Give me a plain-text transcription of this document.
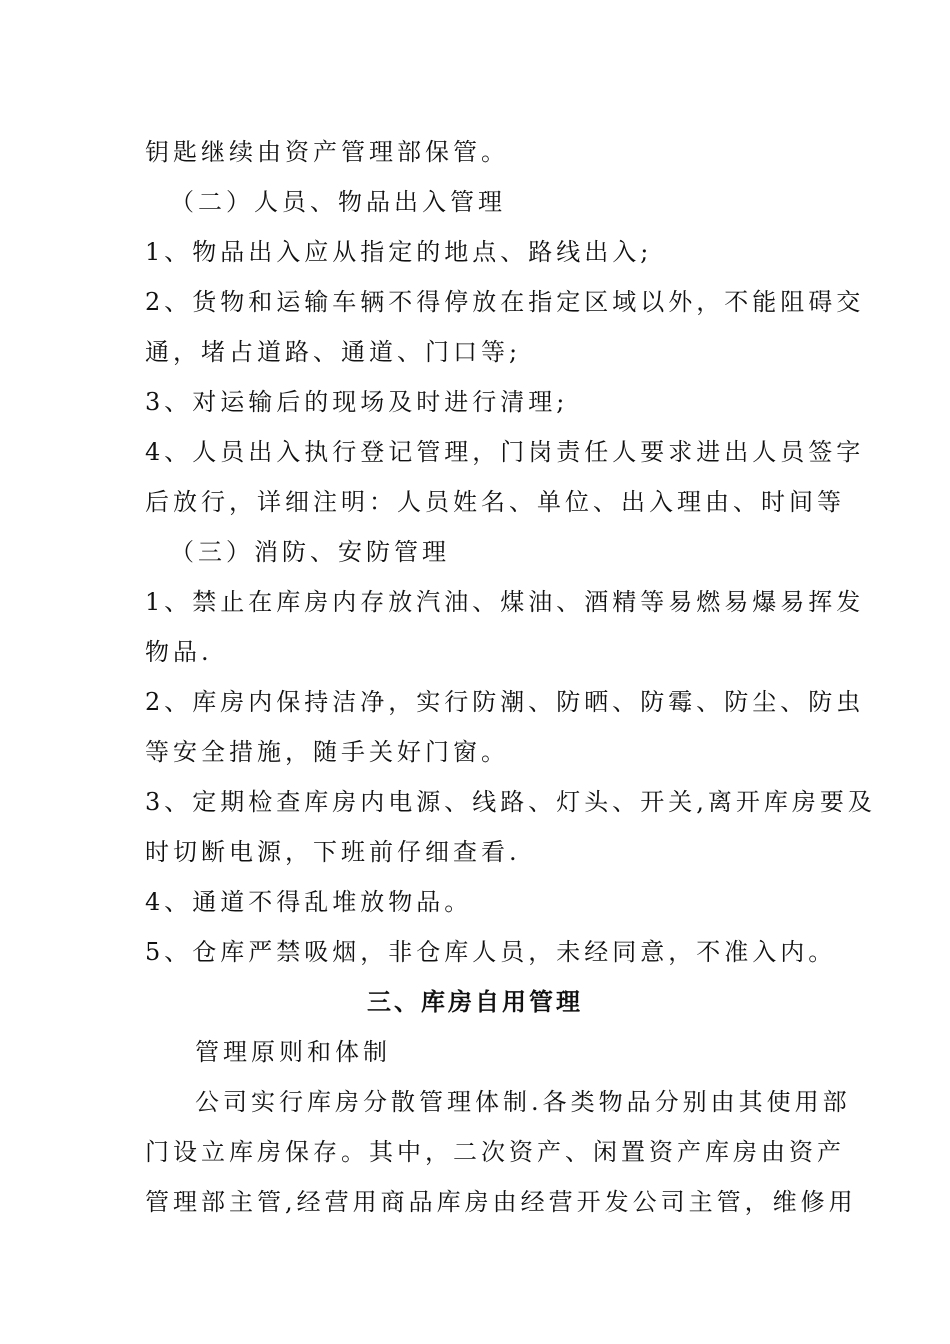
钥匙继续由资产管理部保管。
（二）人员、物品出入管理
1、物品出入应从指定的地点、路线出入;
2、货物和运输车辆不得停放在指定区域以外，不能阻碍交
通，堵占道路、通道、门口等;
3、对运输后的现场及时进行清理;
4、人员出入执行登记管理，门岗责任人要求进出人员签字
后放行，详细注明：人员姓名、单位、出入理由、时间等
（三）消防、安防管理
1、禁止在库房内存放汽油、煤油、酒精等易燃易爆易挥发
物品.
2、库房内保持洁净，实行防潮、防晒、防霉、防尘、防虫
等安全措施，随手关好门窗。
3、定期检查库房内电源、线路、灯头、开关,离开库房要及
时切断电源，下班前仔细查看.
4、通道不得乱堆放物品。
5、仓库严禁吸烟，非仓库人员，未经同意，不准入内。
三、库房自用管理
管理原则和体制
公司实行库房分散管理体制.各类物品分别由其使用部
门设立库房保存。其中，二次资产、闲置资产库房由资产
管理部主管,经营用商品库房由经营开发公司主管，维修用
